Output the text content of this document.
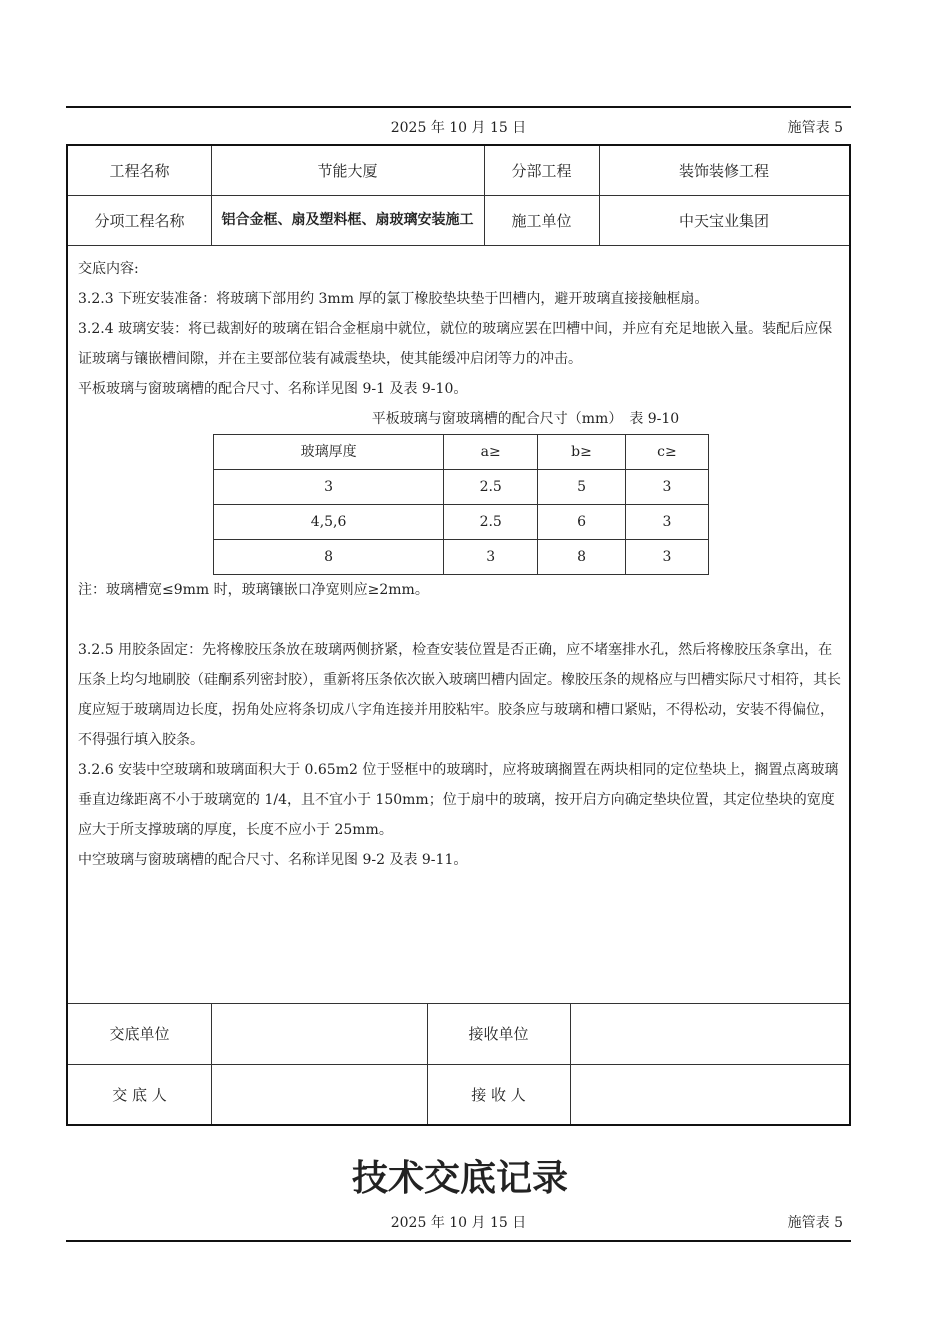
2025 年 10 月 15 日	施管表 5
工程名称	节能大厦	分部工程	装饰装修工程
分项工程名称	铝合金框、扇及塑料框、扇玻璃安装施工	施工单位	中天宝业集团

交底内容:

3.2.3 下班安装准备：将玻璃下部用约 3mm 厚的氯丁橡胶垫块垫于凹槽内，避开玻璃直接接触框扇。

3.2.4 玻璃安装：将已裁割好的玻璃在铝合金框扇中就位，就位的玻璃应罢在凹槽中间，并应有充足地嵌入量。装配后应保证玻璃与镶嵌槽间隙，并在主要部位装有减震垫块，使其能缓冲启闭等力的冲击。

平板玻璃与窗玻璃槽的配合尺寸、名称详见图 9-1 及表 9-10。

平板玻璃与窗玻璃槽的配合尺寸（mm）　表 9-10

玻璃厚度	a≥	b≥	c≥
3	2.5	5	3
4,5,6	2.5	6	3
8	3	8	3

注：玻璃槽宽≤9mm 时，玻璃镶嵌口净宽则应≥2mm。

3.2.5 用胶条固定：先将橡胶压条放在玻璃两侧挤紧，检查安装位置是否正确，应不堵塞排水孔，然后将橡胶压条拿出，在压条上均匀地刷胶（硅酮系列密封胶），重新将压条依次嵌入玻璃凹槽内固定。橡胶压条的规格应与凹槽实际尺寸相符，其长度应短于玻璃周边长度，拐角处应将条切成八字角连接并用胶粘牢。胶条应与玻璃和槽口紧贴，不得松动，安装不得偏位，不得强行填入胶条。

3.2.6 安装中空玻璃和玻璃面积大于 0.65m2 位于竖框中的玻璃时，应将玻璃搁置在两块相同的定位垫块上，搁置点离玻璃垂直边缘距离不小于玻璃宽的 1/4，且不宜小于 150mm；位于扇中的玻璃，按开启方向确定垫块位置，其定位垫块的宽度应大于所支撑玻璃的厚度，长度不应小于 25mm。

中空玻璃与窗玻璃槽的配合尺寸、名称详见图 9-2 及表 9-11。

交底单位	接收单位
交 底 人	接 收 人
技术交底记录
2025 年 10 月 15 日	施管表 5
